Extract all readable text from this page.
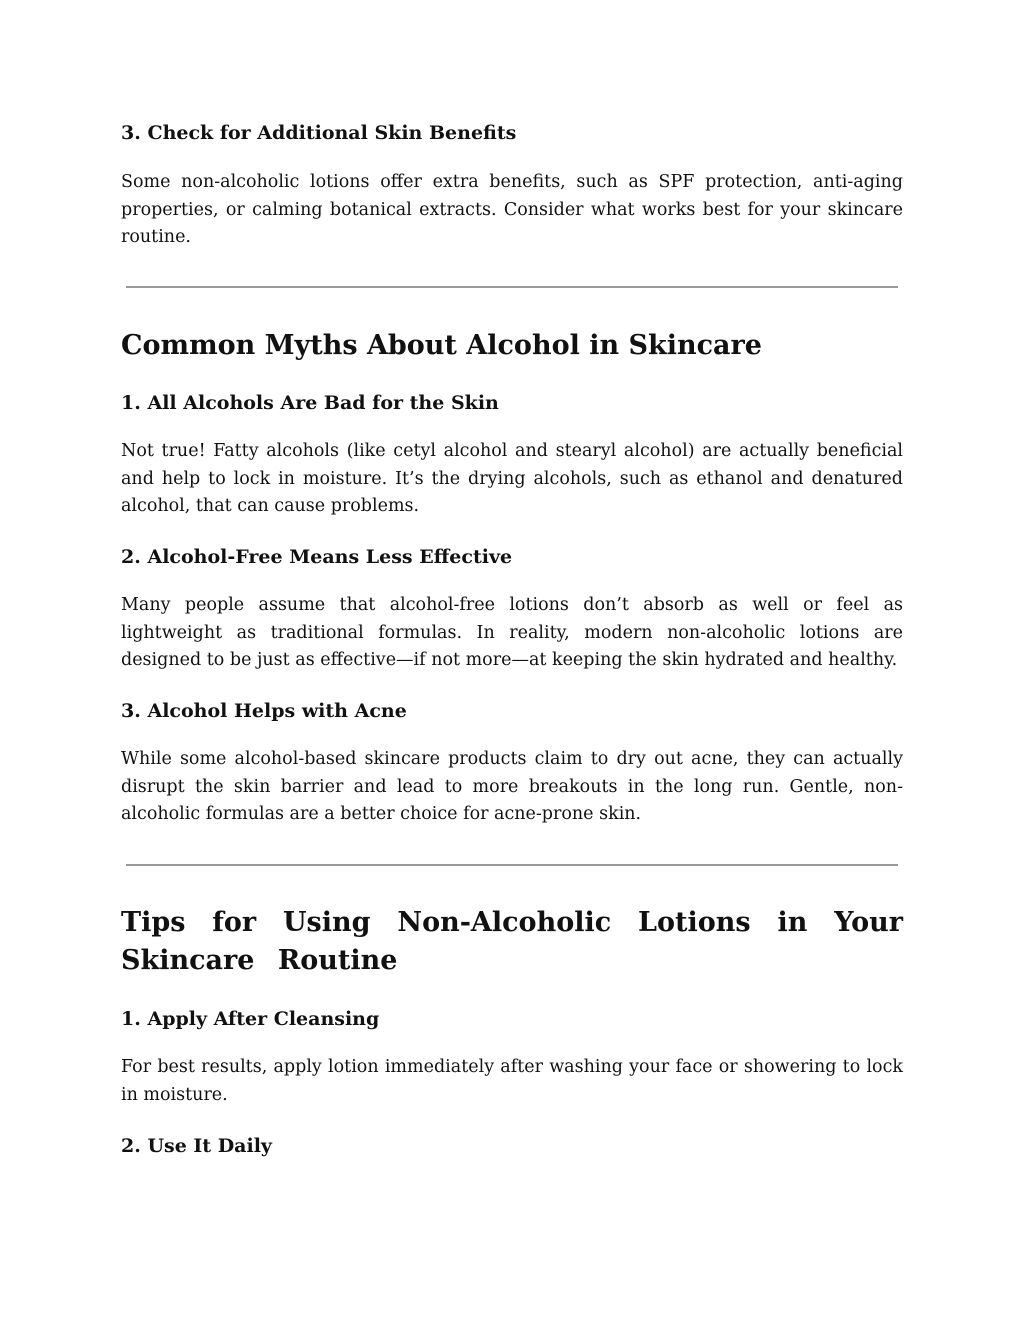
3. Check for Additional Skin Benefits

Some non-alcoholic lotions offer extra benefits, such as SPF protection, anti-aging properties, or calming botanical extracts. Consider what works best for your skincare routine.

Common Myths About Alcohol in Skincare
1. All Alcohols Are Bad for the Skin

Not true! Fatty alcohols (like cetyl alcohol and stearyl alcohol) are actually beneficial and help to lock in moisture. It’s the drying alcohols, such as ethanol and denatured alcohol, that can cause problems.

2. Alcohol-Free Means Less Effective

Many people assume that alcohol-free lotions don’t absorb as well or feel as lightweight as traditional formulas. In reality, modern non-alcoholic lotions are designed to be just as effective—if not more—at keeping the skin hydrated and healthy.

3. Alcohol Helps with Acne

While some alcohol-based skincare products claim to dry out acne, they can actually disrupt the skin barrier and lead to more breakouts in the long run. Gentle, non-alcoholic formulas are a better choice for acne-prone skin.

Tips for Using Non-Alcoholic Lotions in Your Skincare Routine
1. Apply After Cleansing

For best results, apply lotion immediately after washing your face or showering to lock in moisture.

2. Use It Daily
